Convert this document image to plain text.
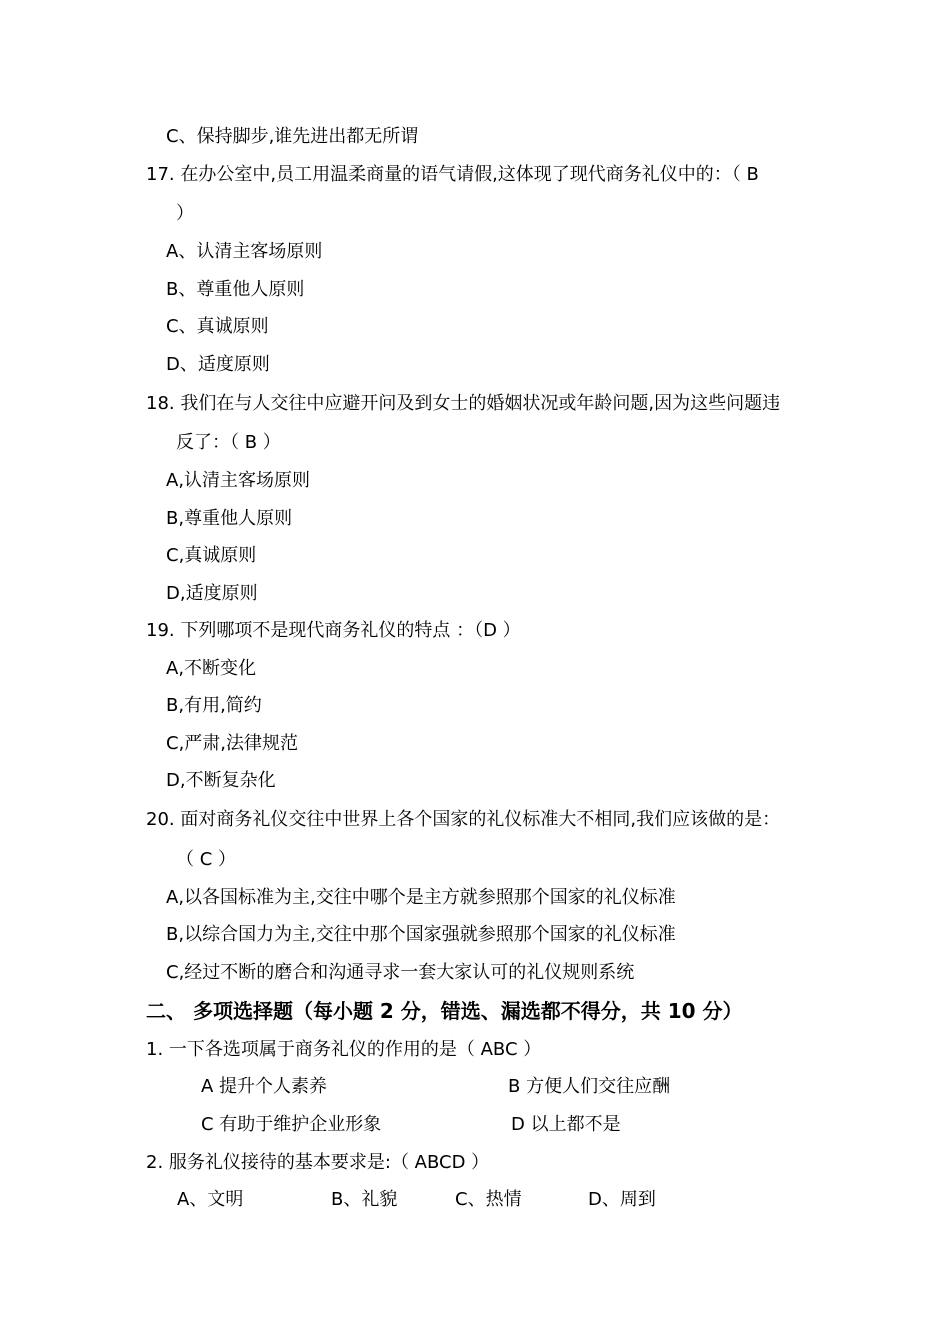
C、保持脚步,谁先进出都无所谓
17. 在办公室中,员工用温柔商量的语气请假,这体现了现代商务礼仪中的：（ B
）
A、认清主客场原则
B、尊重他人原则
C、真诚原则
D、适度原则
18. 我们在与人交往中应避开问及到女士的婚姻状况或年龄问题,因为这些问题违
反了：（ B ）
A,认清主客场原则
B,尊重他人原则
C,真诚原则
D,适度原则
19. 下列哪项不是现代商务礼仪的特点 ：（D ）
A,不断变化
B,有用,简约
C,严肃,法律规范
D,不断复杂化
20. 面对商务礼仪交往中世界上各个国家的礼仪标准大不相同,我们应该做的是：
（ C ）
A,以各国标准为主,交往中哪个是主方就参照那个国家的礼仪标准
B,以综合国力为主,交往中那个国家强就参照那个国家的礼仪标准
C,经过不断的磨合和沟通寻求一套大家认可的礼仪规则系统
二、 多项选择题（每小题 2 分，错选、漏选都不得分，共 10 分）
1. 一下各选项属于商务礼仪的作用的是（ ABC ）
A 提升个人素养	B 方便人们交往应酬
C 有助于维护企业形象	D 以上都不是
2. 服务礼仪接待的基本要求是:（ ABCD ）
A、文明	B、礼貌	C、热情	D、周到
